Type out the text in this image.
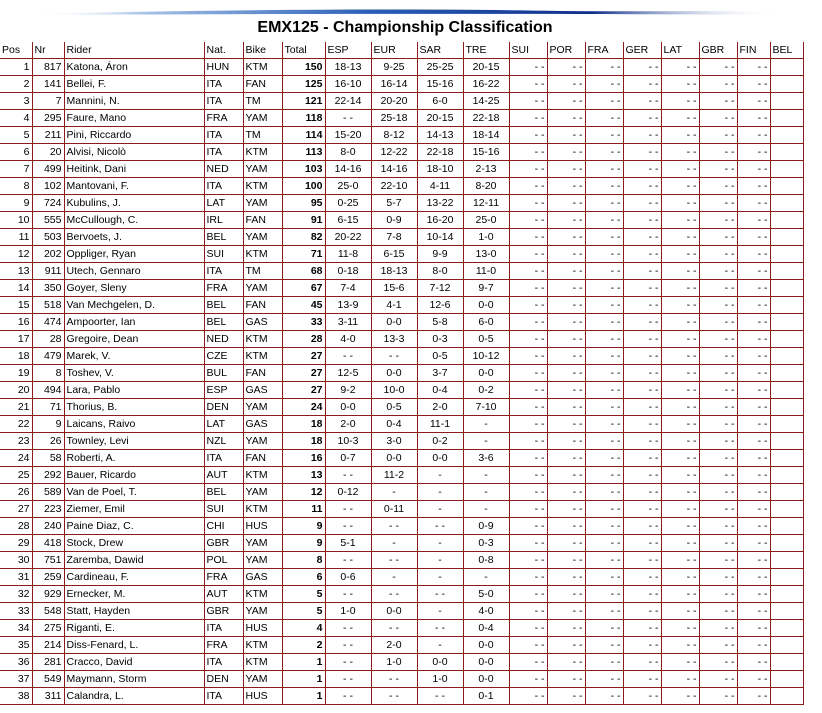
EMX125 - Championship Classification
Pos	Nr	Rider	Nat.	Bike	Total	ESP	EUR	SAR	TRE	SUI	POR	FRA	GER	LAT	GBR	FIN	BEL
1	817	Katona, Áron	HUN	KTM	150	18-13	9-25	25-25	20-15	- -	- -	- -	- -	- -	- -	- -	
2	141	Bellei, F.	ITA	FAN	125	16-10	16-14	15-16	16-22	- -	- -	- -	- -	- -	- -	- -	
3	7	Mannini, N.	ITA	TM	121	22-14	20-20	6-0	14-25	- -	- -	- -	- -	- -	- -	- -	
4	295	Faure, Mano	FRA	YAM	118	- -	25-18	20-15	22-18	- -	- -	- -	- -	- -	- -	- -	
5	211	Pini, Riccardo	ITA	TM	114	15-20	8-12	14-13	18-14	- -	- -	- -	- -	- -	- -	- -	
6	20	Alvisi, Nicolò	ITA	KTM	113	8-0	12-22	22-18	15-16	- -	- -	- -	- -	- -	- -	- -	
7	499	Heitink, Dani	NED	YAM	103	14-16	14-16	18-10	2-13	- -	- -	- -	- -	- -	- -	- -	
8	102	Mantovani, F.	ITA	KTM	100	25-0	22-10	4-11	8-20	- -	- -	- -	- -	- -	- -	- -	
9	724	Kubulins, J.	LAT	YAM	95	0-25	5-7	13-22	12-11	- -	- -	- -	- -	- -	- -	- -	
10	555	McCullough, C.	IRL	FAN	91	6-15	0-9	16-20	25-0	- -	- -	- -	- -	- -	- -	- -	
11	503	Bervoets, J.	BEL	YAM	82	20-22	7-8	10-14	1-0	- -	- -	- -	- -	- -	- -	- -	
12	202	Oppliger, Ryan	SUI	KTM	71	11-8	6-15	9-9	13-0	- -	- -	- -	- -	- -	- -	- -	
13	911	Utech, Gennaro	ITA	TM	68	0-18	18-13	8-0	11-0	- -	- -	- -	- -	- -	- -	- -	
14	350	Goyer, Sleny	FRA	YAM	67	7-4	15-6	7-12	9-7	- -	- -	- -	- -	- -	- -	- -	
15	518	Van Mechgelen, D.	BEL	FAN	45	13-9	4-1	12-6	0-0	- -	- -	- -	- -	- -	- -	- -	
16	474	Ampoorter, Ian	BEL	GAS	33	3-11	0-0	5-8	6-0	- -	- -	- -	- -	- -	- -	- -	
17	28	Gregoire, Dean	NED	KTM	28	4-0	13-3	0-3	0-5	- -	- -	- -	- -	- -	- -	- -	
18	479	Marek, V.	CZE	KTM	27	- -	- -	0-5	10-12	- -	- -	- -	- -	- -	- -	- -	
19	8	Toshev, V.	BUL	FAN	27	12-5	0-0	3-7	0-0	- -	- -	- -	- -	- -	- -	- -	
20	494	Lara, Pablo	ESP	GAS	27	9-2	10-0	0-4	0-2	- -	- -	- -	- -	- -	- -	- -	
21	71	Thorius, B.	DEN	YAM	24	0-0	0-5	2-0	7-10	- -	- -	- -	- -	- -	- -	- -	
22	9	Laicans, Raivo	LAT	GAS	18	2-0	0-4	11-1	-	- -	- -	- -	- -	- -	- -	- -	
23	26	Townley, Levi	NZL	YAM	18	10-3	3-0	0-2	-	- -	- -	- -	- -	- -	- -	- -	
24	58	Roberti, A.	ITA	FAN	16	0-7	0-0	0-0	3-6	- -	- -	- -	- -	- -	- -	- -	
25	292	Bauer, Ricardo	AUT	KTM	13	- -	11-2	-	-	- -	- -	- -	- -	- -	- -	- -	
26	589	Van de Poel, T.	BEL	YAM	12	0-12	-	-	-	- -	- -	- -	- -	- -	- -	- -	
27	223	Ziemer, Emil	SUI	KTM	11	- -	0-11	-	-	- -	- -	- -	- -	- -	- -	- -	
28	240	Paine Diaz, C.	CHI	HUS	9	- -	- -	- -	0-9	- -	- -	- -	- -	- -	- -	- -	
29	418	Stock, Drew	GBR	YAM	9	5-1	-	-	0-3	- -	- -	- -	- -	- -	- -	- -	
30	751	Zaremba, Dawid	POL	YAM	8	- -	- -	-	0-8	- -	- -	- -	- -	- -	- -	- -	
31	259	Cardineau, F.	FRA	GAS	6	0-6	-	-	-	- -	- -	- -	- -	- -	- -	- -	
32	929	Ernecker, M.	AUT	KTM	5	- -	- -	- -	5-0	- -	- -	- -	- -	- -	- -	- -	
33	548	Statt, Hayden	GBR	YAM	5	1-0	0-0	-	4-0	- -	- -	- -	- -	- -	- -	- -	
34	275	Riganti, E.	ITA	HUS	4	- -	- -	- -	0-4	- -	- -	- -	- -	- -	- -	- -	
35	214	Diss-Fenard, L.	FRA	KTM	2	- -	2-0	-	0-0	- -	- -	- -	- -	- -	- -	- -	
36	281	Cracco, David	ITA	KTM	1	- -	1-0	0-0	0-0	- -	- -	- -	- -	- -	- -	- -	
37	549	Maymann, Storm	DEN	YAM	1	- -	- -	1-0	0-0	- -	- -	- -	- -	- -	- -	- -	
38	311	Calandra, L.	ITA	HUS	1	- -	- -	- -	0-1	- -	- -	- -	- -	- -	- -	- -	
